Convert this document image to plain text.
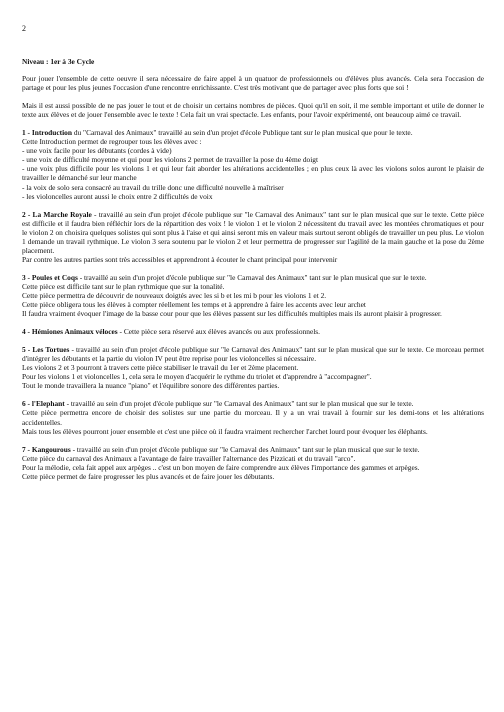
2

Niveau : 1er à 3e Cycle

Pour jouer l'ensemble de cette oeuvre il sera nécessaire de faire appel à un quatuor de professionnels ou d'élèves plus avancés. Cela sera l'occasion de partage et pour les plus jeunes l'occasion d'une rencontre enrichissante. C'est très motivant que de partager avec plus forts que soi !

Mais il est aussi possible de ne pas jouer le tout et de choisir un certains nombres de pièces. Quoi qu'il en soit, il me semble important et utile de donner le texte aux élèves et de jouer l'ensemble avec le texte ! Cela fait un vrai spectacle. Les enfants, pour l'avoir expérimenté, ont beaucoup aimé ce travail.

1 - Introduction du "Carnaval des Animaux" travaillé au sein d'un projet d'école Publique tant sur le plan musical que pour le texte.

Cette Introduction permet de regrouper tous les élèves avec :

- une voix facile pour les débutants (cordes à vide)

- une voix de difficulté moyenne et qui pour les violons 2 permet de travailler la pose du 4ème doigt

- une voix plus difficile pour les violons 1 et qui leur fait aborder les altérations accidentelles ; en plus ceux là avec les violons solos auront le plaisir de travailler le démanché sur leur manche

- la voix de solo sera consacré au travail du trille donc une difficulté nouvelle à maîtriser

- les violoncelles auront aussi le choix entre 2 difficultés de voix

2 - La Marche Royale - travaillé au sein d'un projet d'école publique sur "le Carnaval des Animaux" tant sur le plan musical que sur le texte. Cette pièce est difficile et il faudra bien réfléchir lors de la répartition des voix ! le violon 1 et le violon 2 nécessitent du travail avec les montées chromatiques et pour le violon 2 on choisira quelques solistes qui sont plus à l'aise et qui ainsi seront mis en valeur mais surtout seront obligés de travailler un peu plus. Le violon 1 demande un travail rythmique. Le violon 3 sera soutenu par le violon 2 et leur permettra de progresser sur l'agilité de la main gauche et la pose du 2ème placement.

Par contre les autres parties sont très accessibles et apprendront à écouter le chant principal pour intervenir

3 - Poules et Coqs - travaillé au sein d'un projet d'école publique sur "le Carnaval des Animaux" tant sur le plan musical que sur le texte.

Cette pièce est difficile tant sur le plan rythmique que sur la tonalité.

Cette pièce permettra de découvrir de nouveaux doigtés avec les si b et les mi b pour les violons 1 et 2.

Cette pièce obligera tous les élèves à compter réellement les temps et à apprendre à faire les accents avec leur archet

Il faudra vraiment évoquer l'image de la basse cour pour que les élèves passent sur les difficultés multiples mais ils auront plaisir à progresser.

4 - Hémiones Animaux véloces - Cette pièce sera réservé aux élèves avancés ou aux professionnels.

5 - Les Tortues - travaillé au sein d'un projet d'école publique sur "le Carnaval des Animaux" tant sur le plan musical que sur le texte. Ce morceau permet d'intégrer les débutants et la partie du violon IV peut être reprise pour les violoncelles si nécessaire.

Les violons 2 et 3 pourront à travers cette pièce stabiliser le travail du 1er et 2ème placement.

Pour les violons 1 et violoncelles 1, cela sera le moyen d'acquérir le rythme du triolet et d'apprendre à "accompagner".

Tout le monde travaillera la nuance "piano" et l'équilibre sonore des différentes parties.

6 - l'Elephant - travaillé au sein d'un projet d'école publique sur "le Carnaval des Animaux" tant sur le plan musical que sur le texte.

Cette pièce permettra encore de choisir des solistes sur une partie du morceau. Il y a un vrai travail à fournir sur les demi-tons et les altérations accidentelles.

Mais tous les élèves pourront jouer ensemble et c'est une pièce où il faudra vraiment rechercher l'archet lourd pour évoquer les éléphants.

7 - Kangourous - travaillé au sein d'un projet d'école publique sur "le Carnaval des Animaux" tant sur le plan musical que sur le texte.

Cette pièce du carnaval des Animaux a l'avantage de faire travailler l'alternance des Pizzicati et du travail "arco".

Pour la mélodie, cela fait appel aux arpèges .. c'est un bon moyen de faire comprendre aux élèves l'importance des gammes et arpèges.

Cette pièce permet de faire progresser les plus avancés et de faire jouer les débutants.
